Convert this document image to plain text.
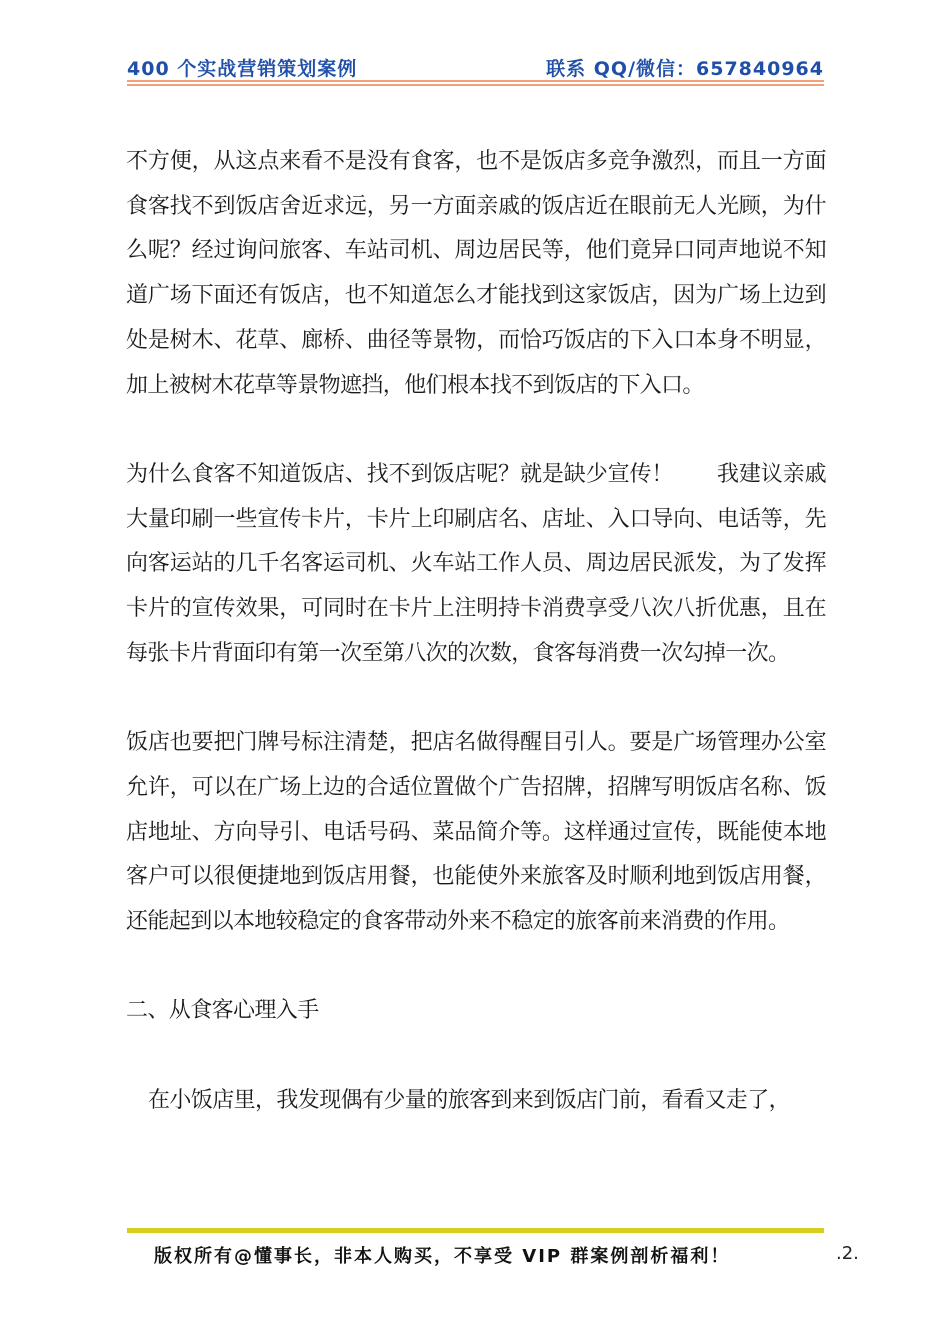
400 个实战营销策划案例	联系 QQ/微信：657840964

不方便，从这点来看不是没有食客，也不是饭店多竞争激烈，而且一方面食客找不到饭店舍近求远，另一方面亲戚的饭店近在眼前无人光顾，为什么呢？经过询问旅客、车站司机、周边居民等，他们竟异口同声地说不知道广场下面还有饭店，也不知道怎么才能找到这家饭店，因为广场上边到处是树木、花草、廊桥、曲径等景物，而恰巧饭店的下入口本身不明显，加上被树木花草等景物遮挡，他们根本找不到饭店的下入口。

为什么食客不知道饭店、找不到饭店呢？就是缺少宣传！　　我建议亲戚大量印刷一些宣传卡片，卡片上印刷店名、店址、入口导向、电话等，先向客运站的几千名客运司机、火车站工作人员、周边居民派发，为了发挥卡片的宣传效果，可同时在卡片上注明持卡消费享受八次八折优惠，且在每张卡片背面印有第一次至第八次的次数，食客每消费一次勾掉一次。

饭店也要把门牌号标注清楚，把店名做得醒目引人。要是广场管理办公室允许，可以在广场上边的合适位置做个广告招牌，招牌写明饭店名称、饭店地址、方向导引、电话号码、菜品简介等。这样通过宣传，既能使本地客户可以很便捷地到饭店用餐，也能使外来旅客及时顺利地到饭店用餐，还能起到以本地较稳定的食客带动外来不稳定的旅客前来消费的作用。

二、从食客心理入手

在小饭店里，我发现偶有少量的旅客到来到饭店门前，看看又走了，

版权所有@懂事长，非本人购买，不享受 VIP 群案例剖析福利！	.2.
